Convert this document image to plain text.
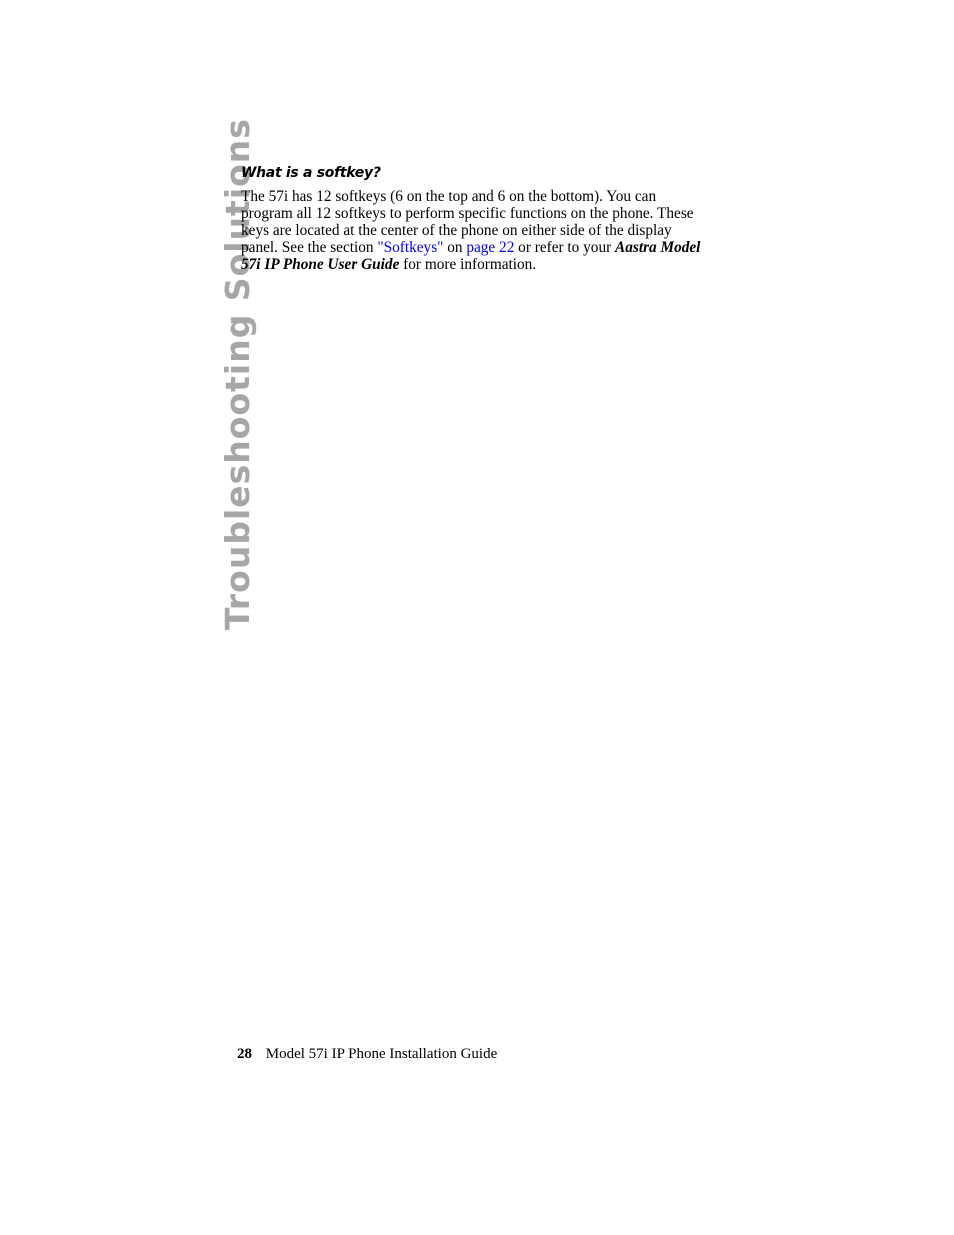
Troubleshooting Solutions
What is a softkey?

The 57i has 12 softkeys (6 on the top and 6 on the bottom). You can program all 12 softkeys to perform specific functions on the phone. These keys are located at the center of the phone on either side of the display panel. See the section "Softkeys" on page 22 or refer to your Aastra Model 57i IP Phone User Guide for more information.

28 Model 57i IP Phone Installation Guide
